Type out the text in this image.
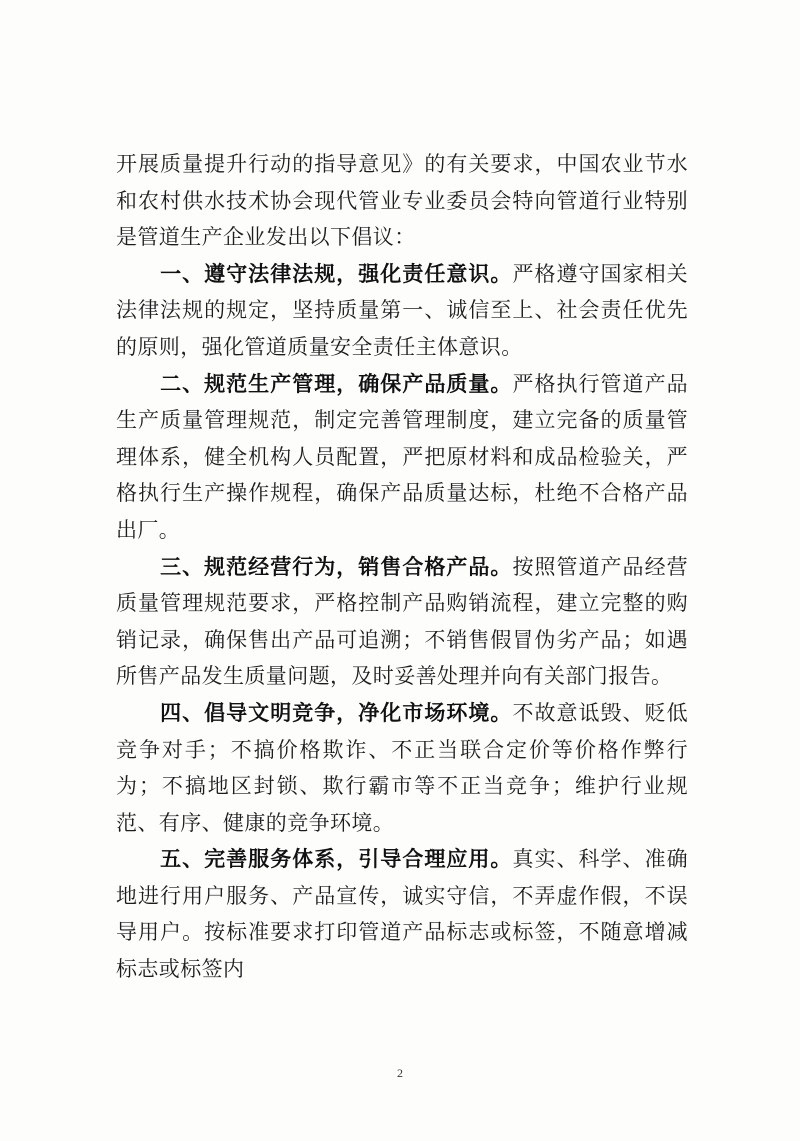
开展质量提升行动的指导意见》的有关要求，中国农业节水和农村供水技术协会现代管业专业委员会特向管道行业特别是管道生产企业发出以下倡议：

一、遵守法律法规，强化责任意识。严格遵守国家相关法律法规的规定，坚持质量第一、诚信至上、社会责任优先的原则，强化管道质量安全责任主体意识。

二、规范生产管理，确保产品质量。严格执行管道产品生产质量管理规范，制定完善管理制度，建立完备的质量管理体系，健全机构人员配置，严把原材料和成品检验关，严格执行生产操作规程，确保产品质量达标，杜绝不合格产品出厂。

三、规范经营行为，销售合格产品。按照管道产品经营质量管理规范要求，严格控制产品购销流程，建立完整的购销记录，确保售出产品可追溯；不销售假冒伪劣产品；如遇所售产品发生质量问题，及时妥善处理并向有关部门报告。

四、倡导文明竞争，净化市场环境。不故意诋毁、贬低竞争对手；不搞价格欺诈、不正当联合定价等价格作弊行为；不搞地区封锁、欺行霸市等不正当竞争；维护行业规范、有序、健康的竞争环境。

五、完善服务体系，引导合理应用。真实、科学、准确地进行用户服务、产品宣传，诚实守信，不弄虚作假，不误导用户。按标准要求打印管道产品标志或标签，不随意增减标志或标签内

2
